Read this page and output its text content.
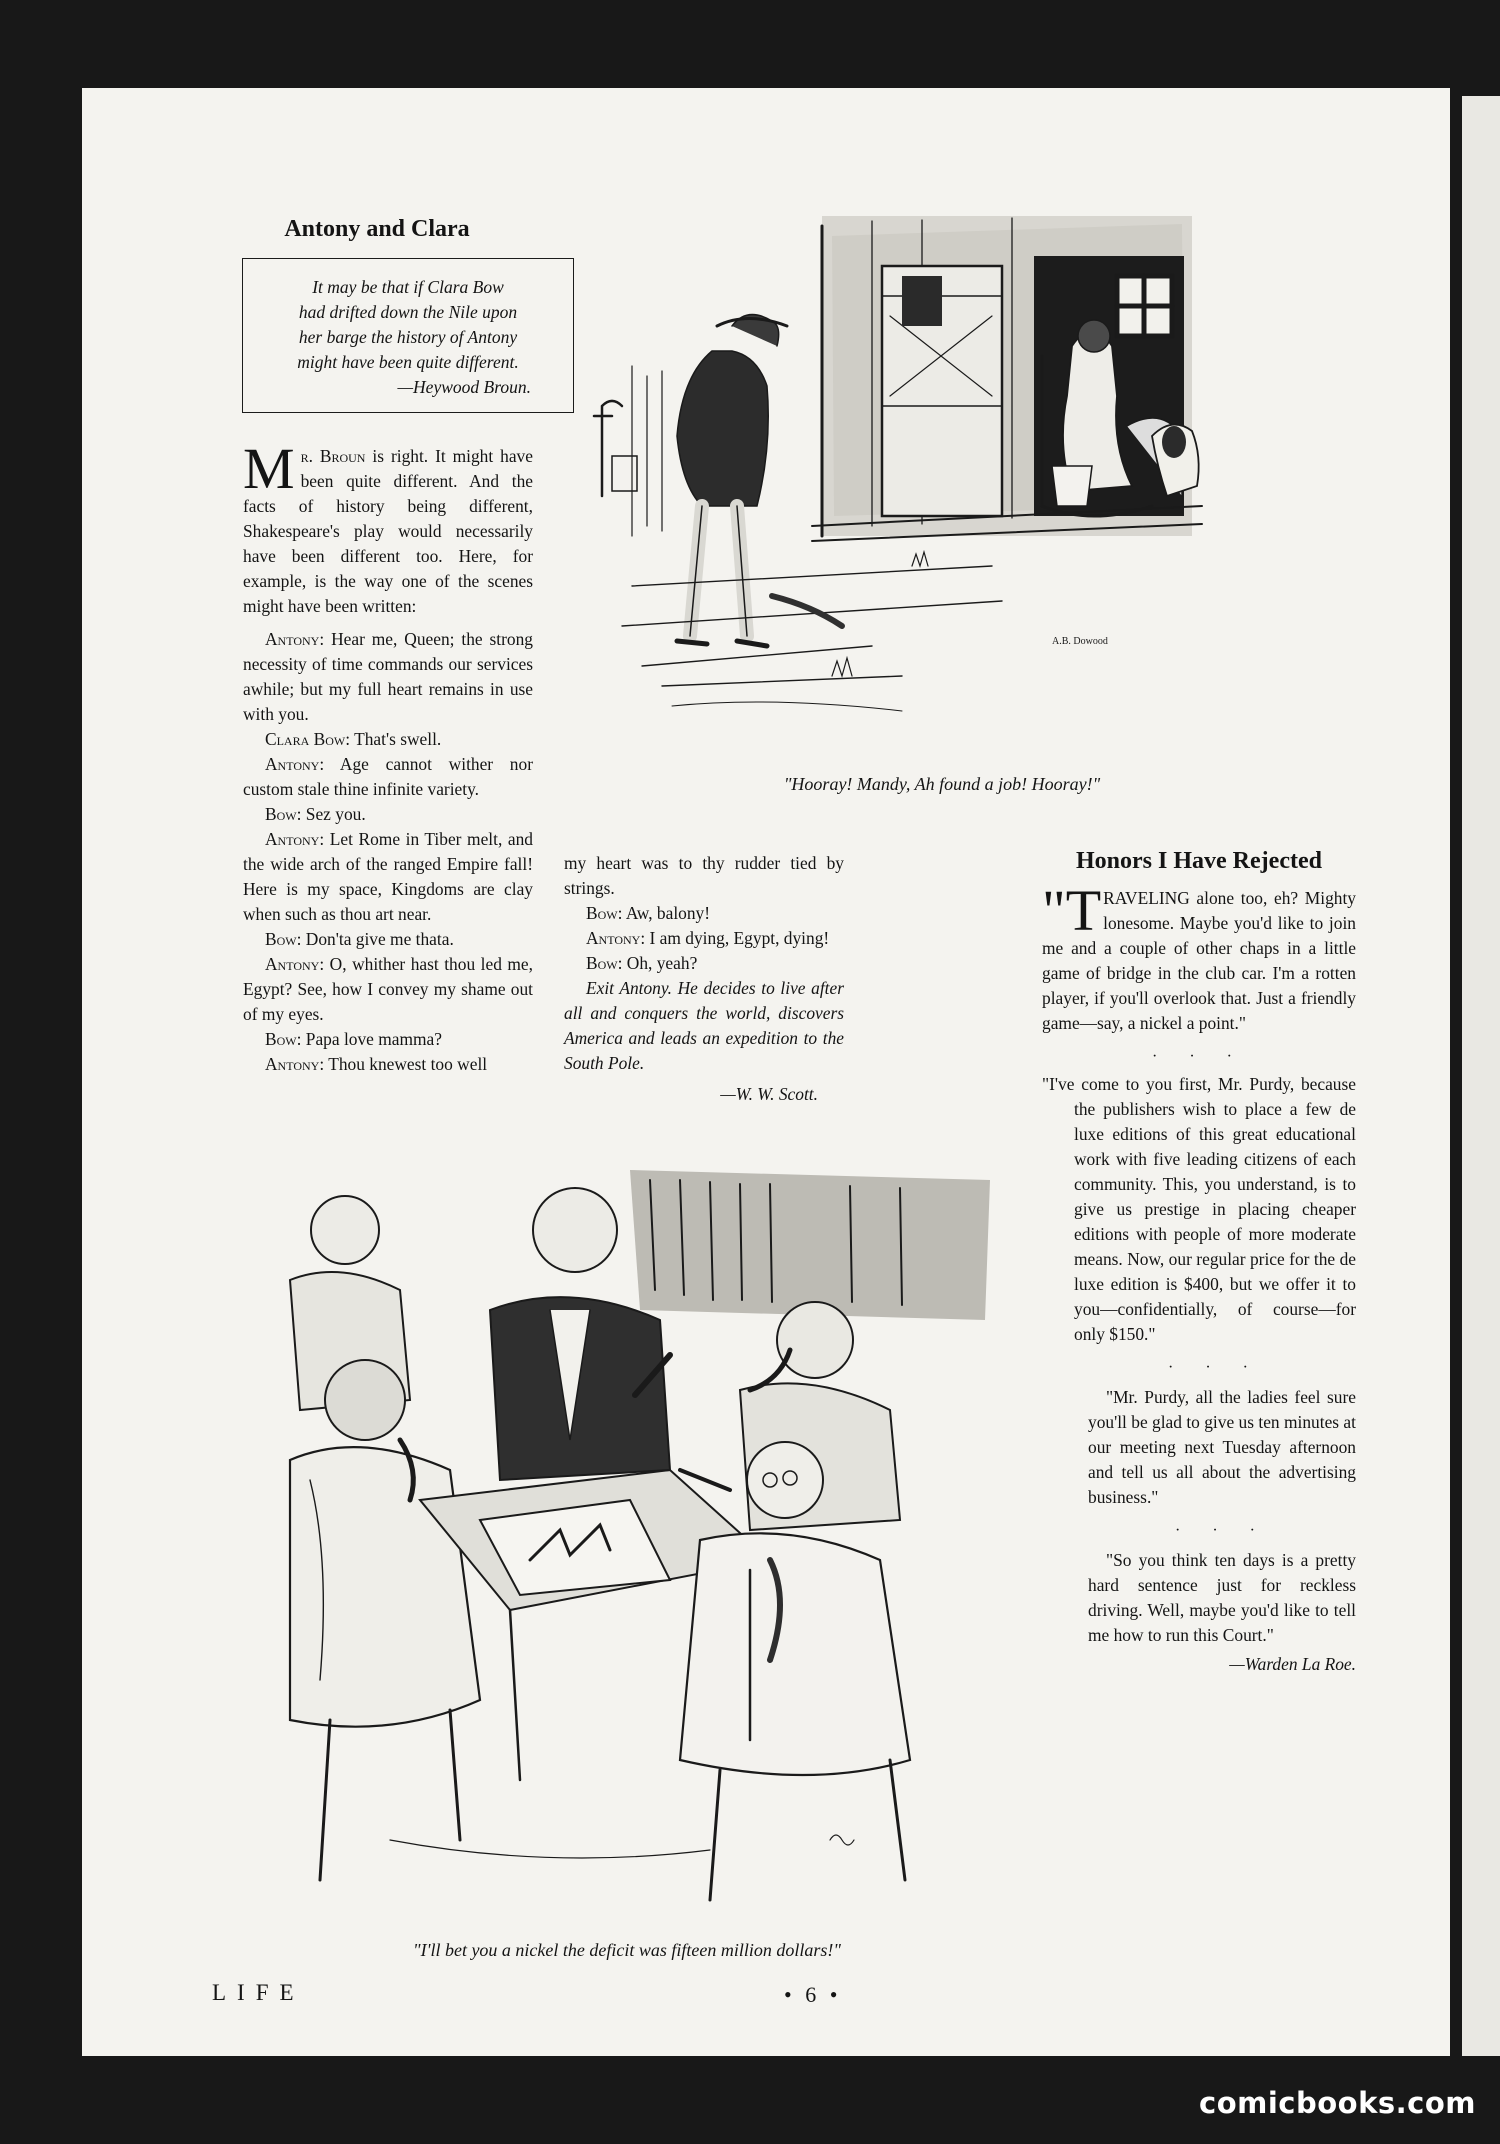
Antony and Clara
It may be that if Clara Bow
had drifted down the Nile upon
her barge the history of Antony
might have been quite different.
—Heywood Broun.

Mr. Broun is right. It might have been quite different. And the facts of history being different, Shakespeare's play would necessarily have been different too. Here, for example, is the way one of the scenes might have been written:

Antony: Hear me, Queen; the strong necessity of time commands our services awhile; but my full heart remains in use with you.

Clara Bow: That's swell.

Antony: Age cannot wither nor custom stale thine infinite variety.

Bow: Sez you.

Antony: Let Rome in Tiber melt, and the wide arch of the ranged Empire fall! Here is my space, Kingdoms are clay when such as thou art near.

Bow: Don'ta give me thata.

Antony: O, whither hast thou led me, Egypt? See, how I convey my shame out of my eyes.

Bow: Papa love mamma?

Antony: Thou knewest too well

my heart was to thy rudder tied by strings.

Bow: Aw, balony!

Antony: I am dying, Egypt, dying!

Bow: Oh, yeah?

Exit Antony. He decides to live after all and conquers the world, discovers America and leads an expedition to the South Pole.

—W. W. Scott.

A.B. Dowood

"Hooray! Mandy, Ah found a job! Hooray!"

Honors I Have Rejected

"T RAVELING alone too, eh? Mighty lonesome. Maybe you'd like to join me and a couple of other chaps in a little game of bridge in the club car. I'm a rotten player, if you'll overlook that. Just a friendly game—say, a nickel a point."

· · ·

"I've come to you first, Mr. Purdy, because the publishers wish to place a few de luxe editions of this great educational work with five leading citizens of each community. This, you understand, is to give us prestige in placing cheaper editions with people of more moderate means. Now, our regular price for the de luxe edition is $400, but we offer it to you—confidentially, of course—for only $150."

· · ·

"Mr. Purdy, all the ladies feel sure you'll be glad to give us ten minutes at our meeting next Tuesday afternoon and tell us all about the advertising business."

· · ·

"So you think ten days is a pretty hard sentence just for reckless driving. Well, maybe you'd like to tell me how to run this Court."

—Warden La Roe.

"I'll bet you a nickel the deficit was fifteen million dollars!"

LIFE	• 6 •
comicbooks.com
